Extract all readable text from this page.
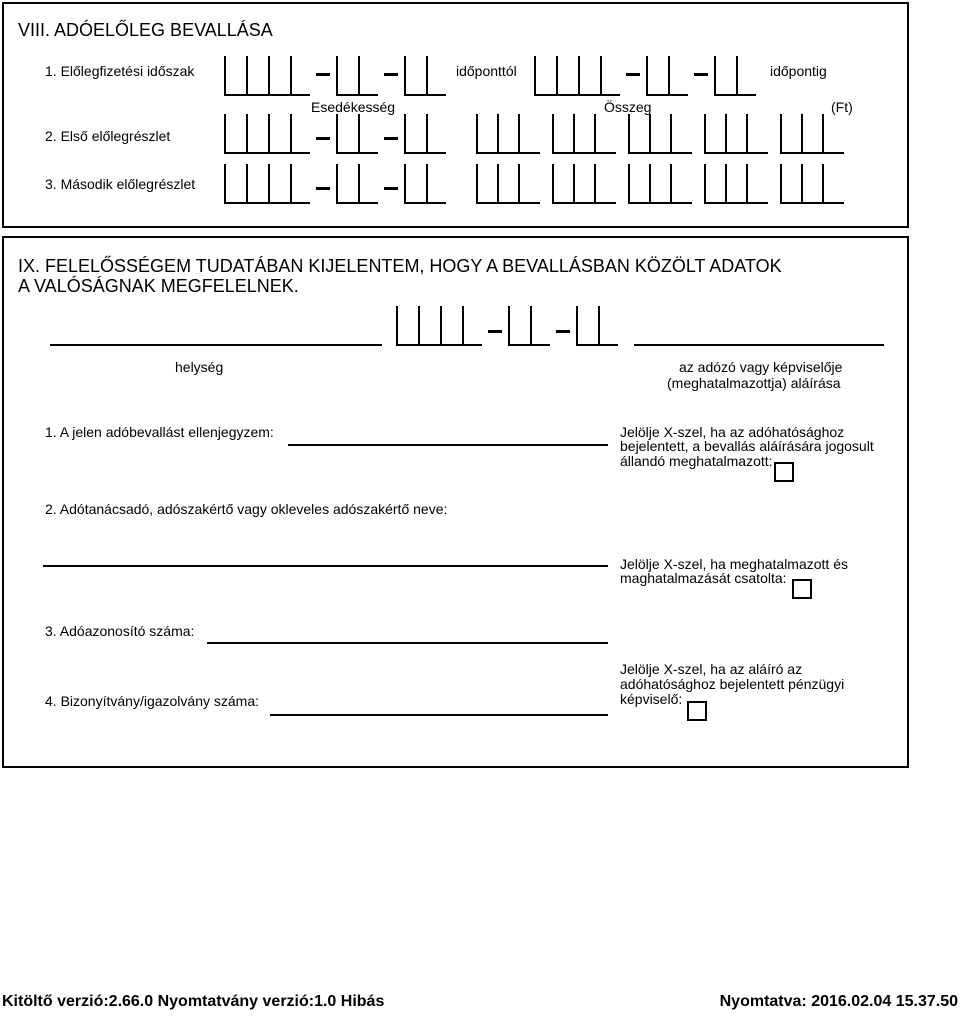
VIII. ADÓELŐLEG BEVALLÁSA
1. Előlegfizetési időszak	időponttól	időpontig
Esedékesség	Összeg	(Ft)
2. Első előlegrészlet
3. Második előlegrészlet
IX. FELELŐSSÉGEM TUDATÁBAN KIJELENTEM, HOGY A BEVALLÁSBAN KÖZÖLT ADATOK
A VALÓSÁGNAK MEGFELELNEK.
helység	az adózó vagy képviselője
(meghatalmazottja) aláírása
1. A jelen adóbevallást ellenjegyzem:	Jelölje X-szel, ha az adóhatósághoz
bejelentett, a bevallás aláírására jogosult
állandó meghatalmazott:
2. Adótanácsadó, adószakértő vagy okleveles adószakértő neve:
Jelölje X-szel, ha meghatalmazott és
maghatalmazását csatolta:
3. Adóazonosító száma:
Jelölje X-szel, ha az aláíró az
adóhatósághoz bejelentett pénzügyi
képviselő:
4. Bizonyítvány/igazolvány száma:
Kitöltő verzió:2.66.0 Nyomtatvány verzió:1.0 Hibás	Nyomtatva: 2016.02.04 15.37.50
